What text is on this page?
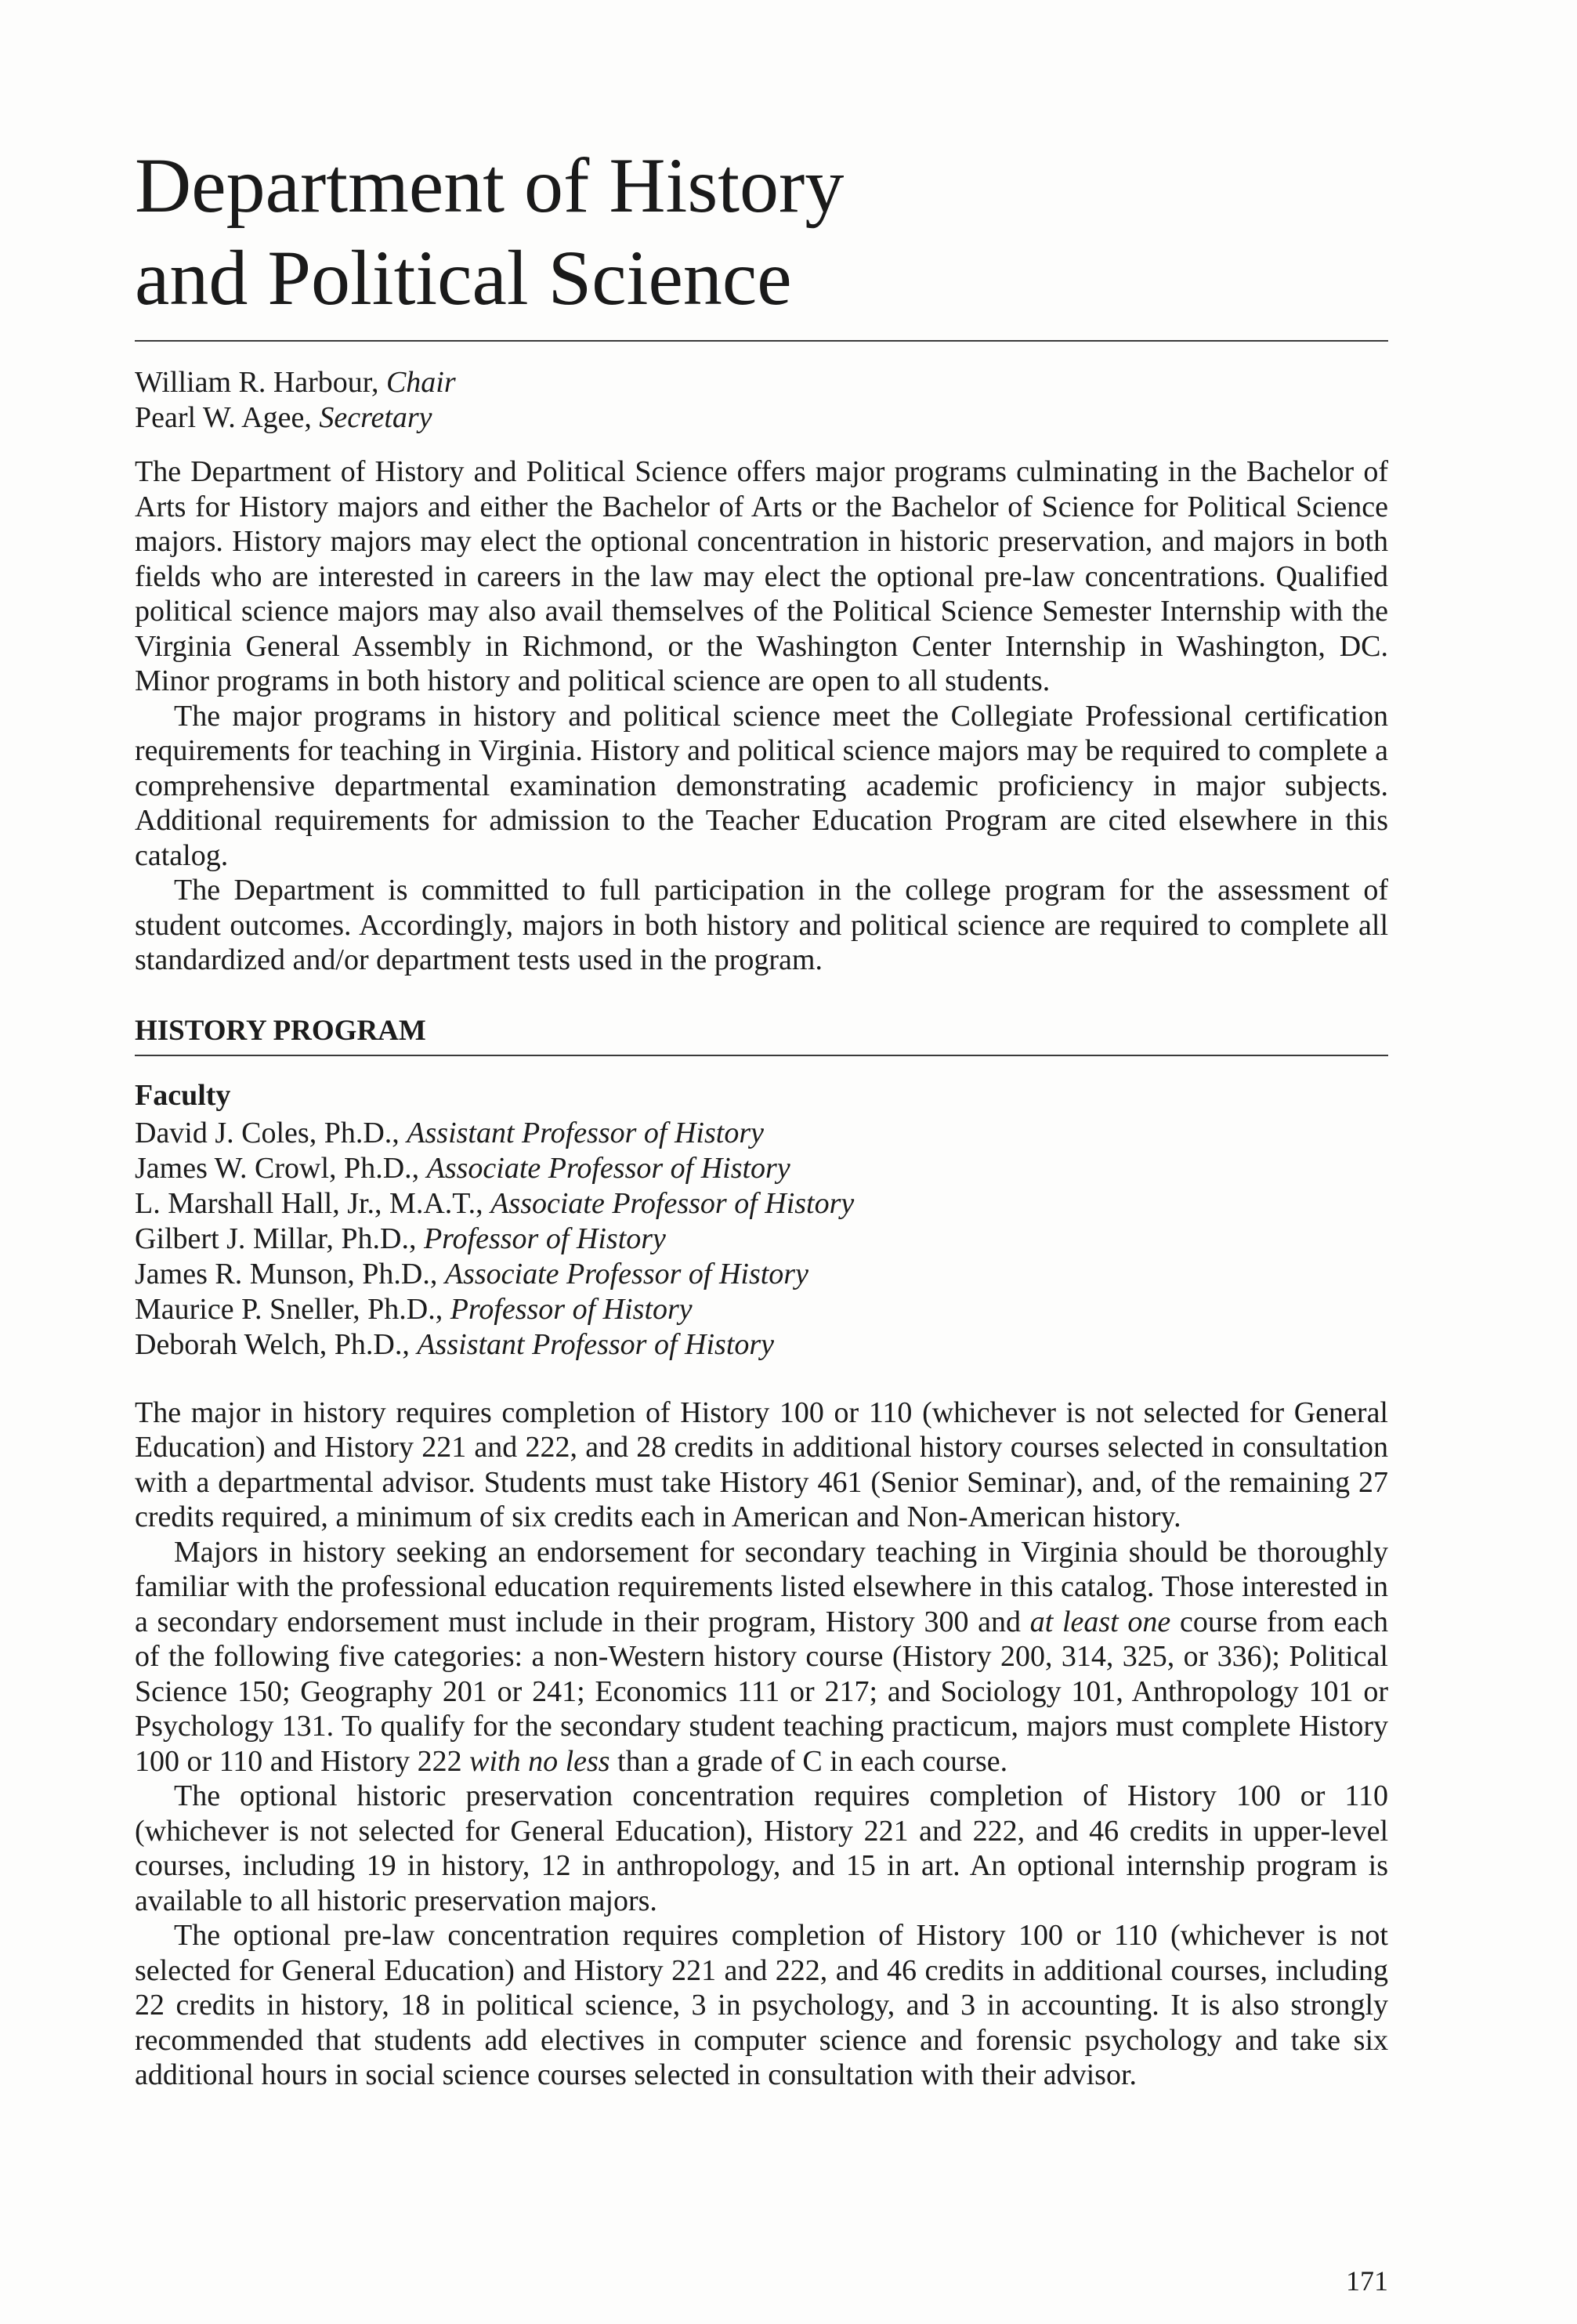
Department of History
and Political Science
William R. Harbour, Chair
Pearl W. Agee, Secretary

The Department of History and Political Science offers major programs culminating in the Bachelor of Arts for History majors and either the Bachelor of Arts or the Bachelor of Science for Political Science majors. History majors may elect the optional concentration in historic preservation, and majors in both fields who are interested in careers in the law may elect the optional pre-law concentrations. Qualified political science majors may also avail themselves of the Political Science Semester Internship with the Virginia General Assembly in Richmond, or the Washington Center Internship in Washington, DC. Minor programs in both history and political science are open to all students.

The major programs in history and political science meet the Collegiate Professional certification requirements for teaching in Virginia. History and political science majors may be required to complete a comprehensive departmental examination demonstrating academic proficiency in major subjects. Additional requirements for admission to the Teacher Education Program are cited elsewhere in this catalog.

The Department is committed to full participation in the college program for the assessment of student outcomes. Accordingly, majors in both history and political science are required to complete all standardized and/or department tests used in the program.

HISTORY PROGRAM
Faculty
David J. Coles, Ph.D., Assistant Professor of History
James W. Crowl, Ph.D., Associate Professor of History
L. Marshall Hall, Jr., M.A.T., Associate Professor of History
Gilbert J. Millar, Ph.D., Professor of History
James R. Munson, Ph.D., Associate Professor of History
Maurice P. Sneller, Ph.D., Professor of History
Deborah Welch, Ph.D., Assistant Professor of History

The major in history requires completion of History 100 or 110 (whichever is not selected for General Education) and History 221 and 222, and 28 credits in additional history courses selected in consultation with a departmental advisor. Students must take History 461 (Senior Seminar), and, of the remaining 27 credits required, a minimum of six credits each in American and Non-American history.

Majors in history seeking an endorsement for secondary teaching in Virginia should be thoroughly familiar with the professional education requirements listed elsewhere in this catalog. Those interested in a secondary endorsement must include in their program, History 300 and at least one course from each of the following five categories: a non-Western history course (History 200, 314, 325, or 336); Political Science 150; Geography 201 or 241; Economics 111 or 217; and Sociology 101, Anthropology 101 or Psychology 131. To qualify for the secondary student teaching practicum, majors must complete History 100 or 110 and History 222 with no less than a grade of C in each course.

The optional historic preservation concentration requires completion of History 100 or 110 (whichever is not selected for General Education), History 221 and 222, and 46 credits in upper-level courses, including 19 in history, 12 in anthropology, and 15 in art. An optional internship program is available to all historic preservation majors.

The optional pre-law concentration requires completion of History 100 or 110 (whichever is not selected for General Education) and History 221 and 222, and 46 credits in additional courses, including 22 credits in history, 18 in political science, 3 in psychology, and 3 in accounting. It is also strongly recommended that students add electives in computer science and forensic psychology and take six additional hours in social science courses selected in consultation with their advisor.

171
